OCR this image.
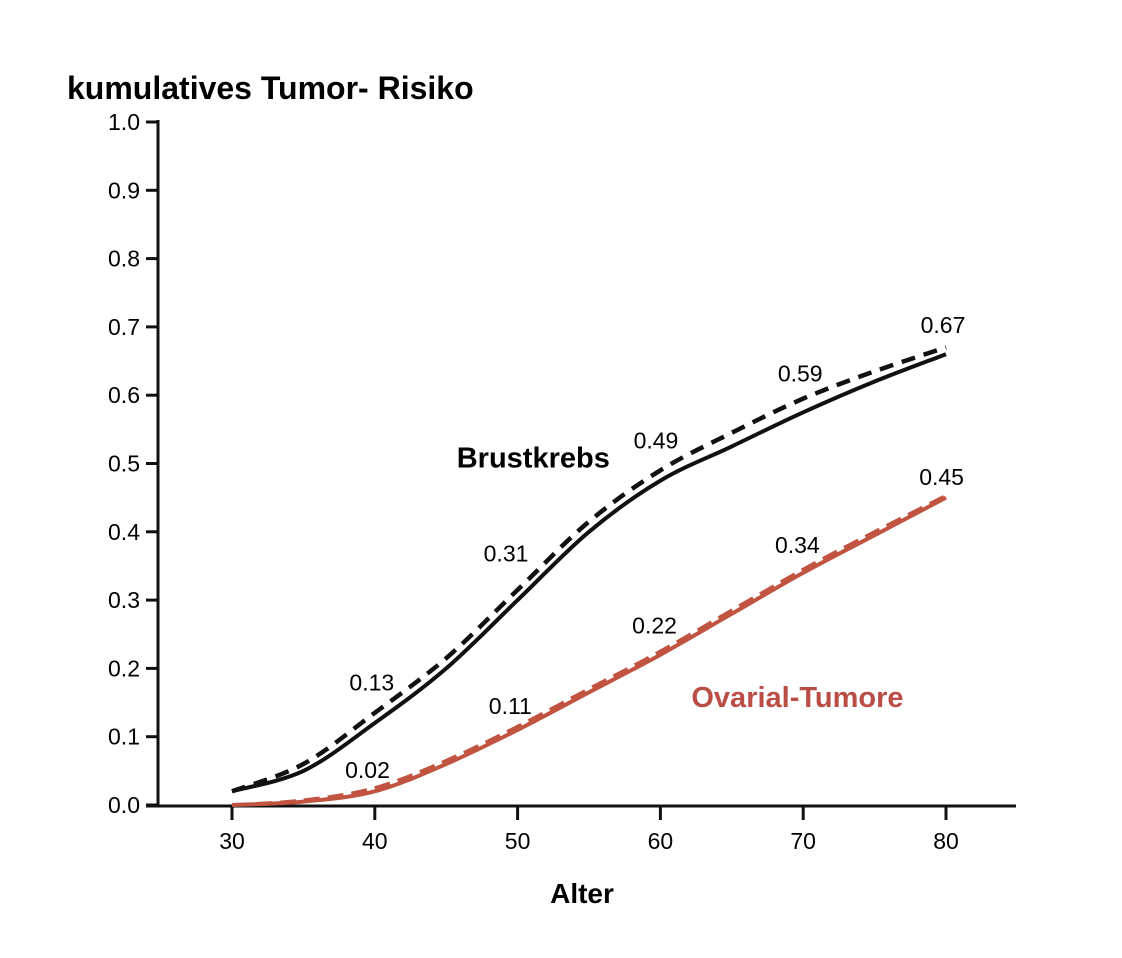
kumulatives Tumor- Risiko
0.0
0.1
0.2
0.3
0.4
0.5
0.6
0.7
0.8
0.9
1.0
30	40	50	60	70	80
0.13
0.31
0.49
0.59
0.67
0.02
0.11
0.22
0.34
0.45
Brustkrebs
Ovarial-Tumore
Alter
